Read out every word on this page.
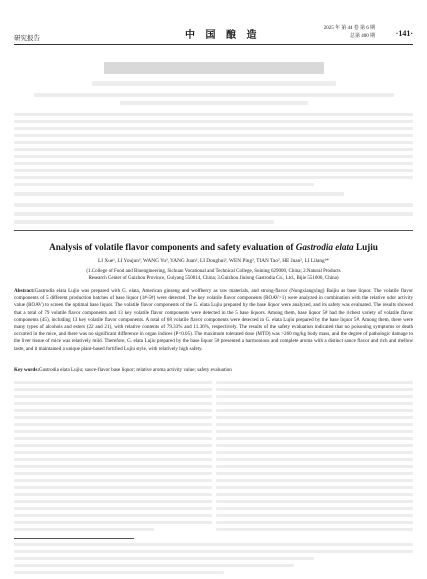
研究报告	中 国 酿 造
2025 年 第 44 卷 第 6 期
总第 400 期	·141·
Analysis of volatile flavor components and safety evaluation of Gastrodia elata Lujiu
LI Xue¹, LI Youjun³, WANG Yu³, YANG Juan², LI Donghui², WEN Ping², TIAN Tao², HE Juan², LI Lilang²*
(1.College of Food and Bioengineering, Sichuan Vocational and Technical College, Suining 629000, China; 2.Natural Products
Research Center of Guizhou Province, Guiyang 550014, China; 3.Guizhou Jiulong Gastrodia Co., Ltd., Bijie 551600, China)
Abstract:Gastrodia elata Lujiu was prepared with G. elata, American ginseng and wolfberry as raw materials, and strong-flavor (Nongxiangxing) Baijiu as base liquor. The volatile flavor components of 5 different production batches of base liquor (1#-5#) were detected. The key volatile flavor components (ROAV>1) were analyzed in combination with the relative odor activity value (ROAV) to screen the optimal base liquor. The volatile flavor components of the G. elata Lujiu prepared by the base liquor were analyzed, and its safety was evaluated. The results showed that a total of 79 volatile flavor components and 13 key volatile flavor components were detected in the 5 base liquors. Among them, base liquor 5# had the richest variety of volatile flavor components (45), including 13 key volatile flavor components. A total of 68 volatile flavor components were detected in G. elata Lujiu prepared by the base liquor 5#. Among them, there were many types of alcohols and esters (22 and 21), with relative contents of 79.33% and 11.36%, respectively. The results of the safety evaluation indicated that no poisoning symptoms or death occurred in the mice, and there was no significant difference in organ indices (P<0.05). The maximum tolerated dose (MTD) was >260 mg/kg body mass, and the degree of pathologic damage to the liver tissue of mice was relatively mild. Therefore, G. elata Lujiu prepared by the base liquor 5# presented a harmonious and complete aroma with a distinct sauce flavor and rich and mellow taste, and it maintained a unique plant-based fortified Lujiu style, with relatively high safety.
Key words:Gastrodia elata Lujiu; sauce-flavor base liquor; relative aroma activity value; safety evaluation
